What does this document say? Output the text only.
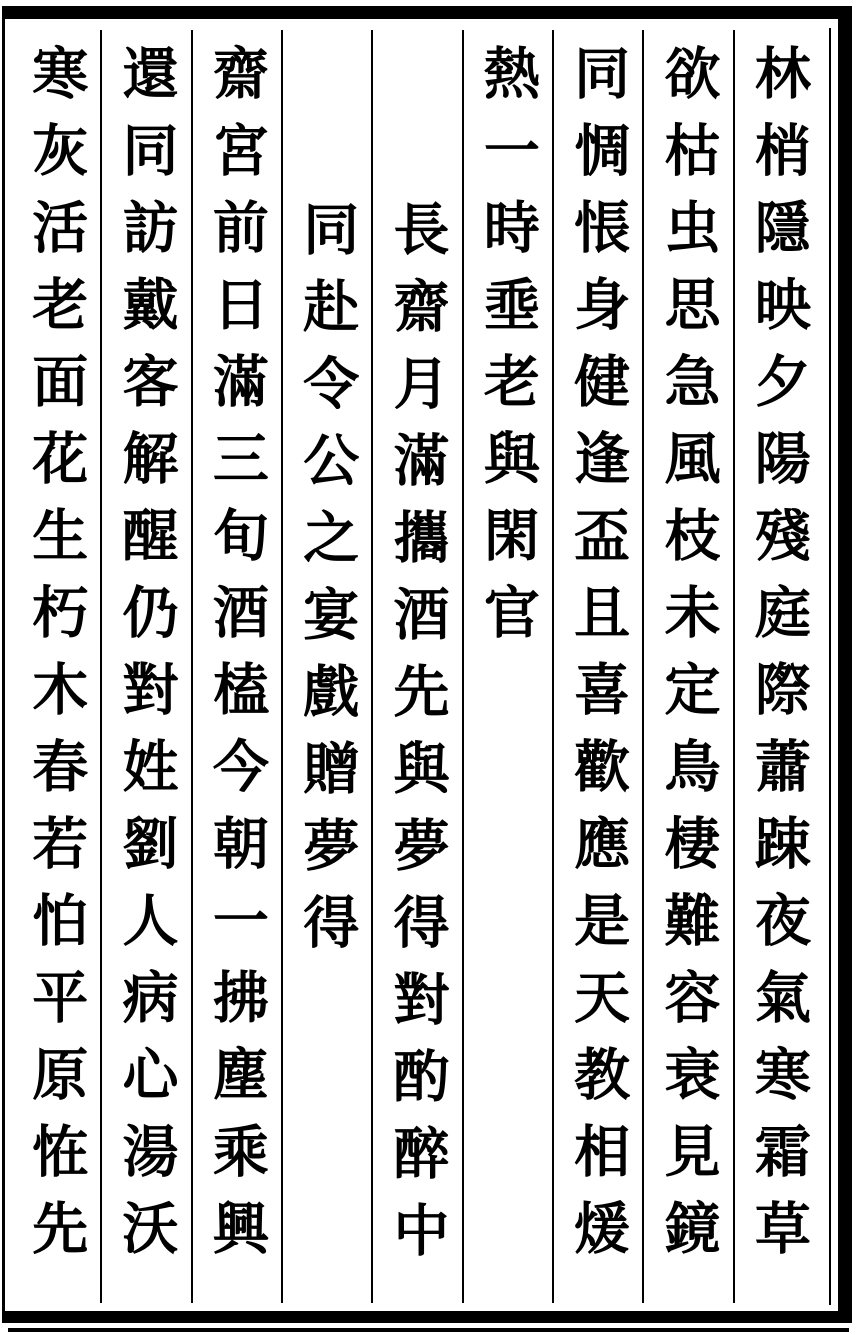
林梢隱映夕陽殘庭際蕭踈夜氣寒霜草
欲枯虫思急風枝未定鳥棲難容衰見鏡
同惆悵身健逢盃且喜歡應是天教相煖
熱一時埀老與閑官
長齋月滿攜酒先與夢得對酌醉中
同赴令公之宴戲贈夢得
齋宮前日滿三旬酒榼今朝一拂塵乘興
還同訪戴客解醒仍對姓劉人病心湯沃
寒灰活老面花生朽木春若怕平原恠先
